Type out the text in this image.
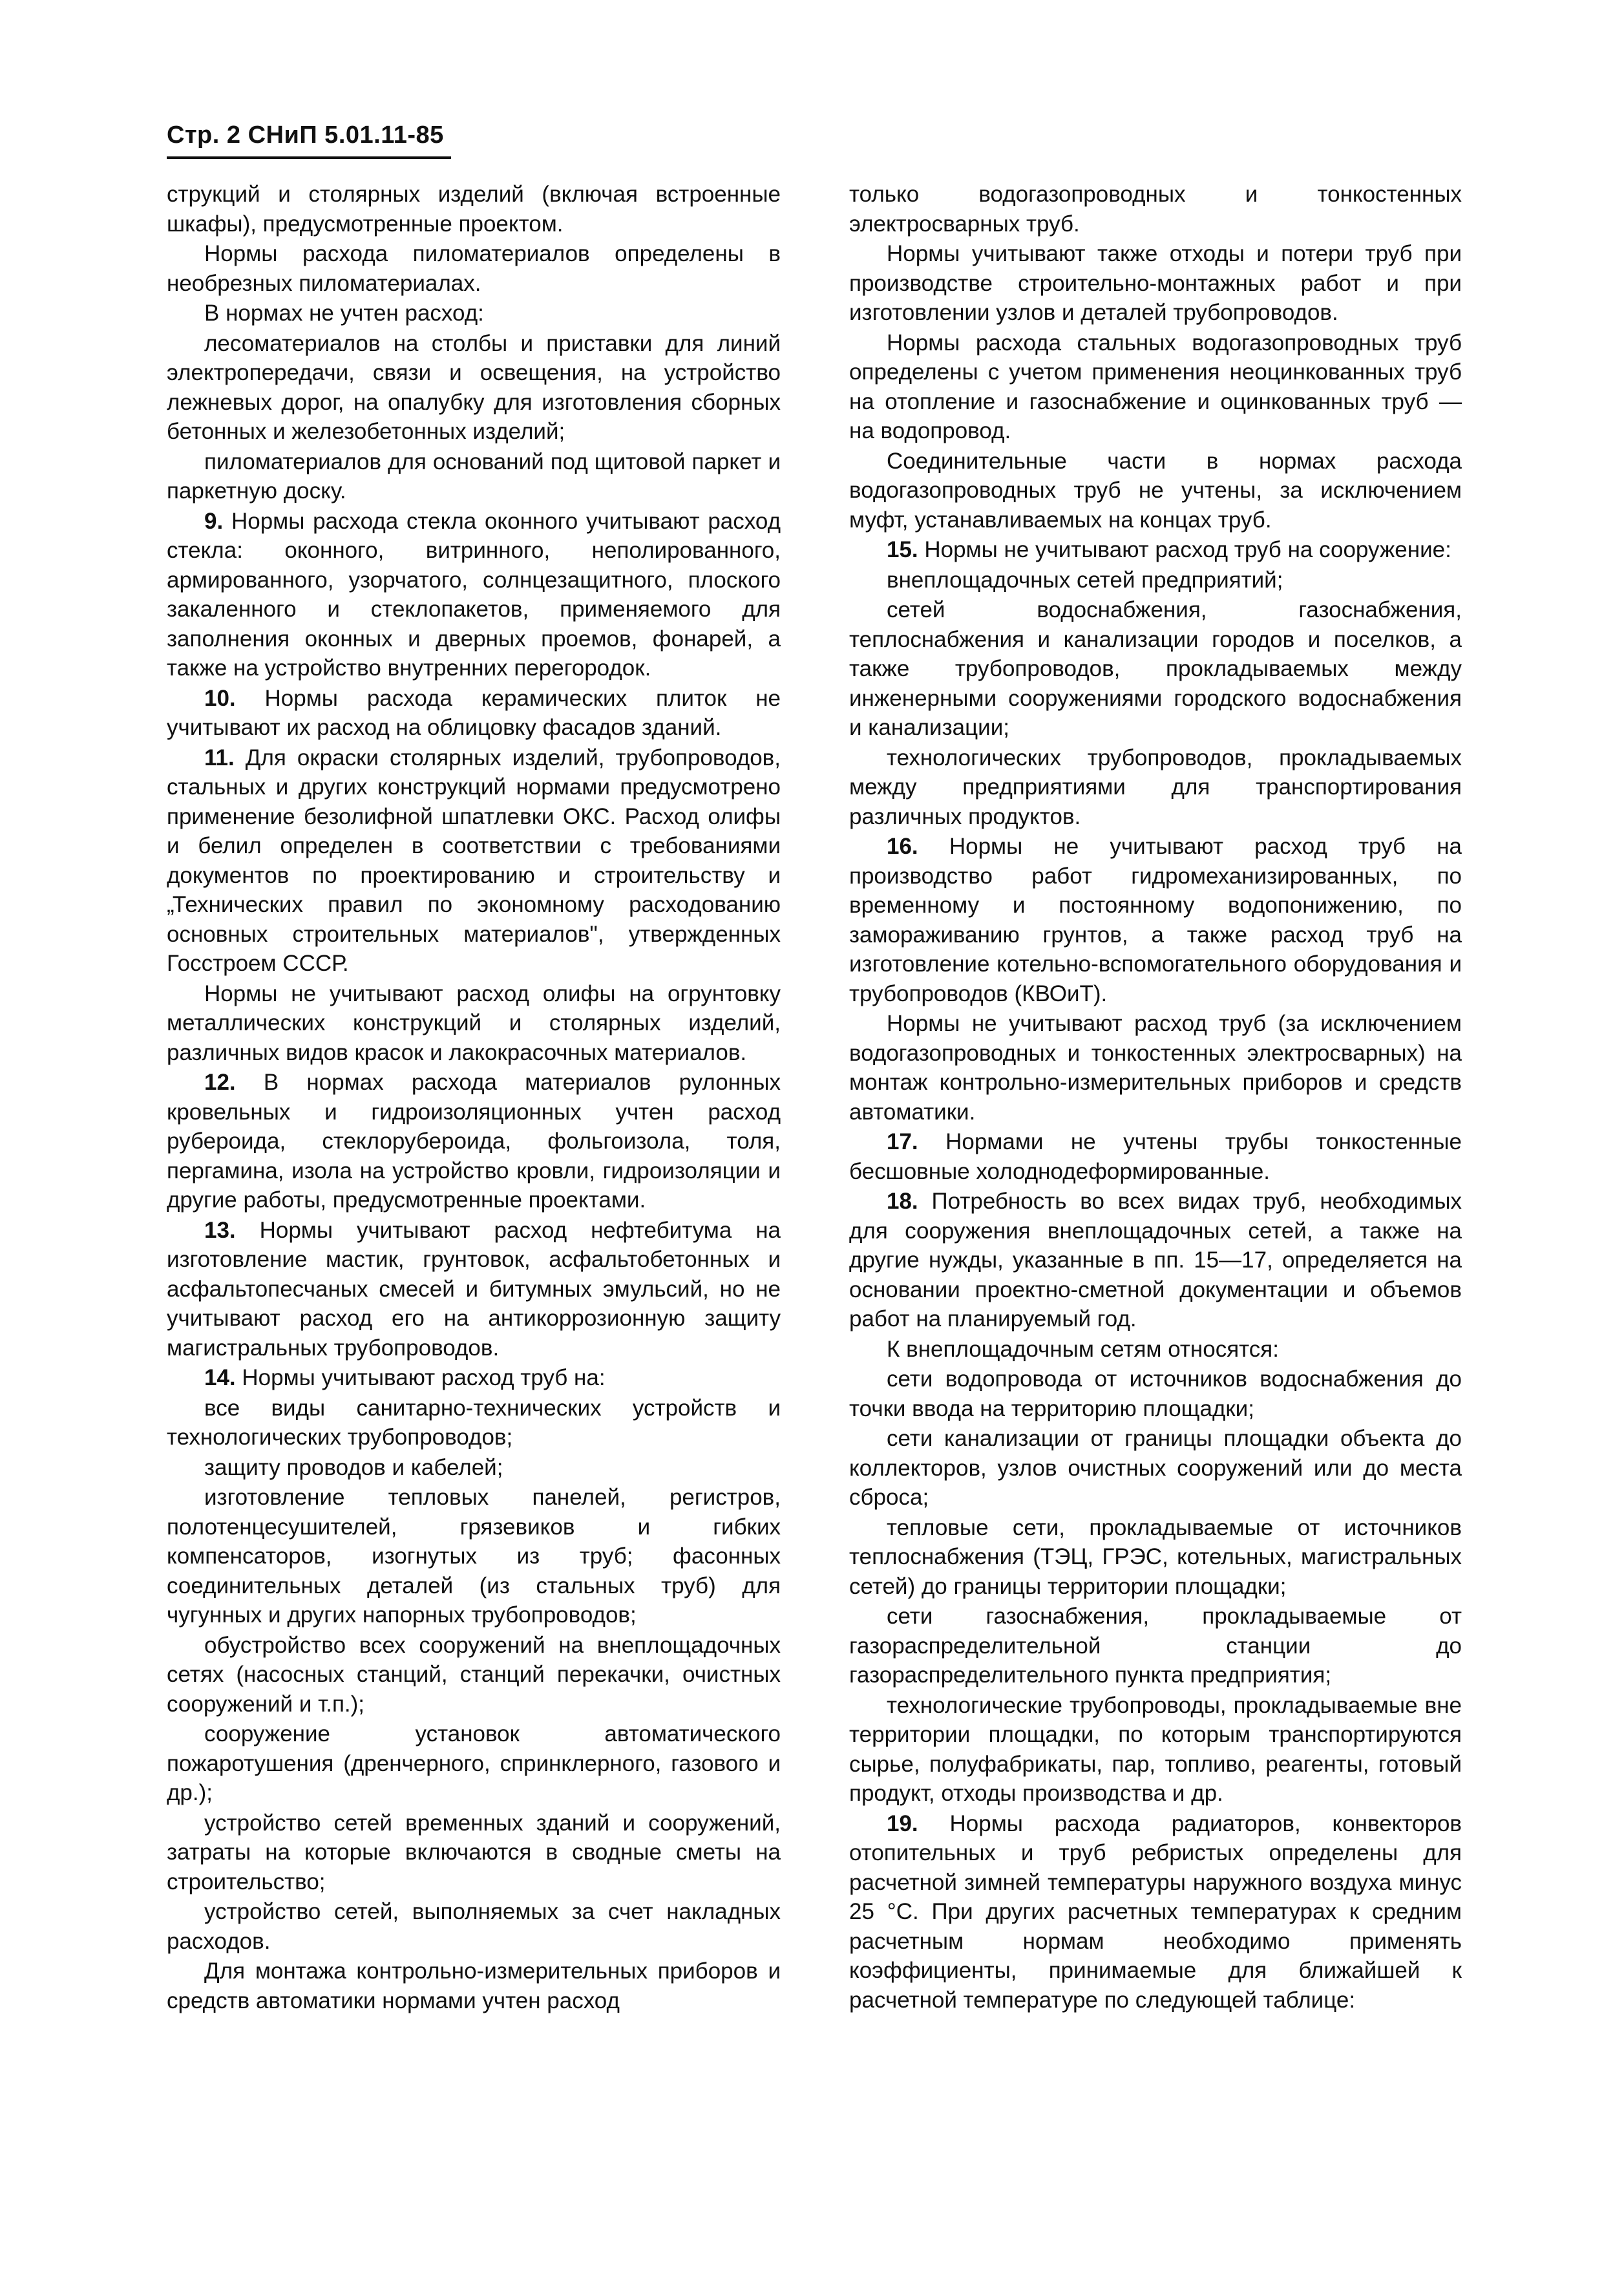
Стр. 2 СНиП 5.01.11-85

струкций и столярных изделий (включая встроенные шкафы), предусмотренные проектом.

Нормы расхода пиломатериалов определены в необрезных пиломатериалах.

В нормах не учтен расход:

лесоматериалов на столбы и приставки для линий электропередачи, связи и освещения, на устройство лежневых дорог, на опалубку для изготовления сборных бетонных и железобетонных изделий;

пиломатериалов для оснований под щитовой паркет и паркетную доску.

9. Нормы расхода стекла оконного учитывают расход стекла: оконного, витринного, неполированного, армированного, узорчатого, солнцезащитного, плоского закаленного и стеклопакетов, применяемого для заполнения оконных и дверных проемов, фонарей, а также на устройство внутренних перегородок.

10. Нормы расхода керамических плиток не учитывают их расход на облицовку фасадов зданий.

11. Для окраски столярных изделий, трубопроводов, стальных и других конструкций нормами предусмотрено применение безолифной шпатлевки ОКС. Расход олифы и белил определен в соответствии с требованиями документов по проектированию и строительству и „Технических правил по экономному расходованию основных строительных материалов", утвержденных Госстроем СССР.

Нормы не учитывают расход олифы на огрунтовку металлических конструкций и столярных изделий, различных видов красок и лакокрасочных материалов.

12. В нормах расхода материалов рулонных кровельных и гидроизоляционных учтен расход рубероида, стеклорубероида, фольгоизола, толя, пергамина, изола на устройство кровли, гидроизоляции и другие работы, предусмотренные проектами.

13. Нормы учитывают расход нефтебитума на изготовление мастик, грунтовок, асфальтобетонных и асфальтопесчаных смесей и битумных эмульсий, но не учитывают расход его на антикоррозионную защиту магистральных трубопроводов.

14. Нормы учитывают расход труб на:

все виды санитарно-технических устройств и технологических трубопроводов;

защиту проводов и кабелей;

изготовление тепловых панелей, регистров, полотенцесушителей, грязевиков и гибких компенсаторов, изогнутых из труб; фасонных соединительных деталей (из стальных труб) для чугунных и других напорных трубопроводов;

обустройство всех сооружений на внеплощадочных сетях (насосных станций, станций перекачки, очистных сооружений и т.п.);

сооружение установок автоматического пожаротушения (дренчерного, спринклерного, газового и др.);

устройство сетей временных зданий и сооружений, затраты на которые включаются в сводные сметы на строительство;

устройство сетей, выполняемых за счет накладных расходов.

Для монтажа контрольно-измерительных приборов и средств автоматики нормами учтен расход

только водогазопроводных и тонкостенных электросварных труб.

Нормы учитывают также отходы и потери труб при производстве строительно-монтажных работ и при изготовлении узлов и деталей трубопроводов.

Нормы расхода стальных водогазопроводных труб определены с учетом применения неоцинкованных труб на отопление и газоснабжение и оцинкованных труб — на водопровод.

Соединительные части в нормах расхода водогазопроводных труб не учтены, за исключением муфт, устанавливаемых на концах труб.

15. Нормы не учитывают расход труб на сооружение:

внеплощадочных сетей предприятий;

сетей водоснабжения, газоснабжения, теплоснабжения и канализации городов и поселков, а также трубопроводов, прокладываемых между инженерными сооружениями городского водоснабжения и канализации;

технологических трубопроводов, прокладываемых между предприятиями для транспортирования различных продуктов.

16. Нормы не учитывают расход труб на производство работ гидромеханизированных, по временному и постоянному водопонижению, по замораживанию грунтов, а также расход труб на изготовление котельно-вспомогательного оборудования и трубопроводов (КВОиТ).

Нормы не учитывают расход труб (за исключением водогазопроводных и тонкостенных электросварных) на монтаж контрольно-измерительных приборов и средств автоматики.

17. Нормами не учтены трубы тонкостенные бесшовные холоднодеформированные.

18. Потребность во всех видах труб, необходимых для сооружения внеплощадочных сетей, а также на другие нужды, указанные в пп. 15—17, определяется на основании проектно-сметной документации и объемов работ на планируемый год.

К внеплощадочным сетям относятся:

сети водопровода от источников водоснабжения до точки ввода на территорию площадки;

сети канализации от границы площадки объекта до коллекторов, узлов очистных сооружений или до места сброса;

тепловые сети, прокладываемые от источников теплоснабжения (ТЭЦ, ГРЭС, котельных, магистральных сетей) до границы территории площадки;

сети газоснабжения, прокладываемые от газораспределительной станции до газораспределительного пункта предприятия;

технологические трубопроводы, прокладываемые вне территории площадки, по которым транспортируются сырье, полуфабрикаты, пар, топливо, реагенты, готовый продукт, отходы производства и др.

19. Нормы расхода радиаторов, конвекторов отопительных и труб ребристых определены для расчетной зимней температуры наружного воздуха минус 25 °С. При других расчетных температурах к средним расчетным нормам необходимо применять коэффициенты, принимаемые для ближайшей к расчетной температуре по следующей таблице:
